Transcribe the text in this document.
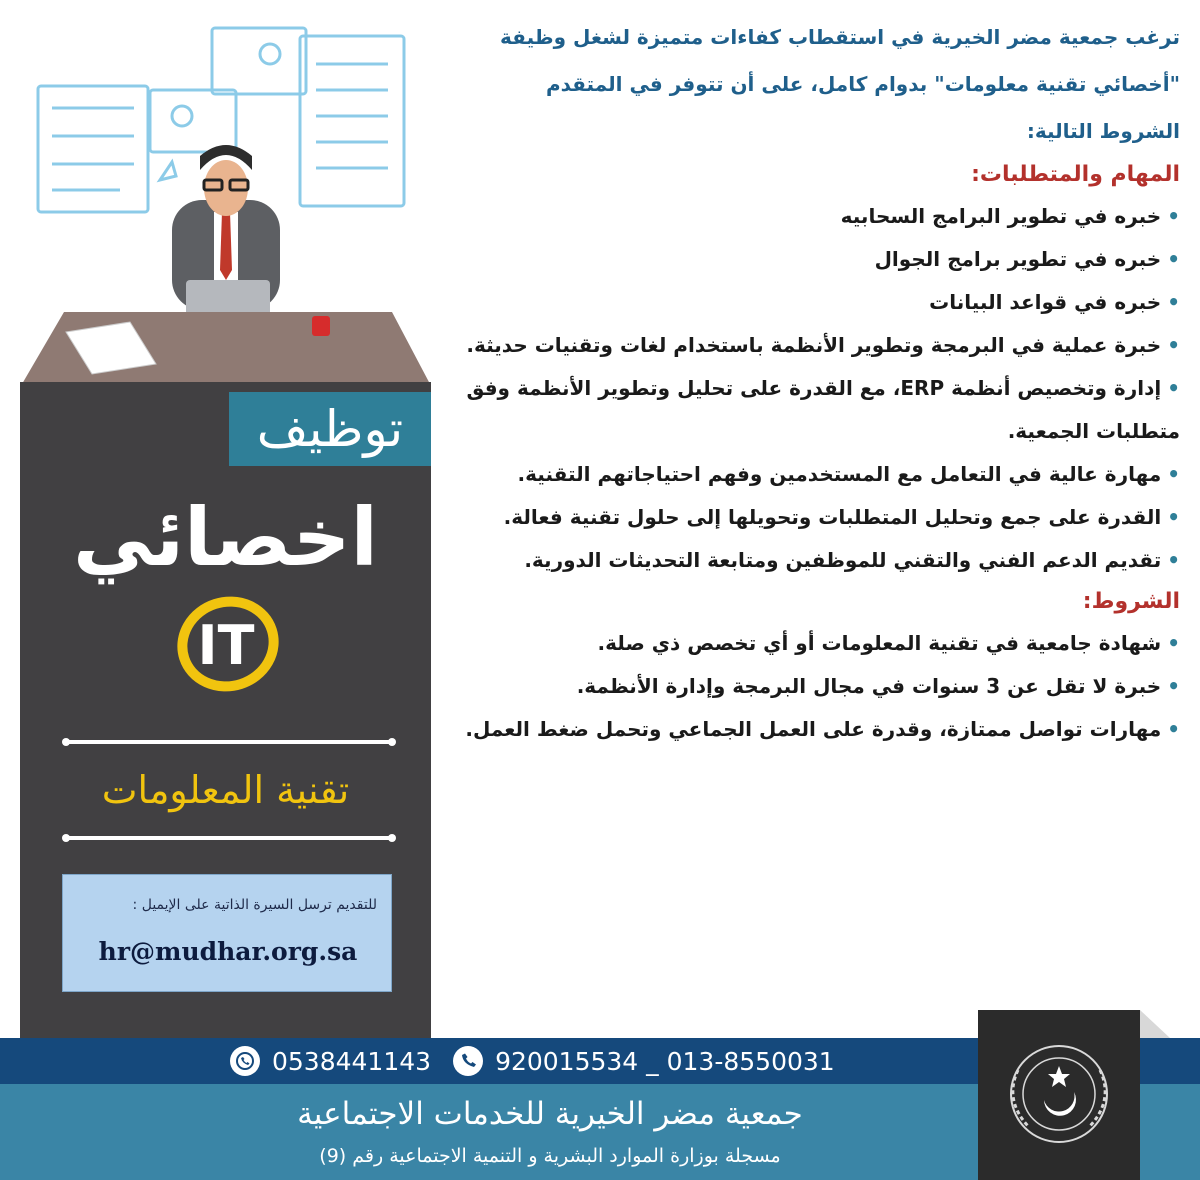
توظيف
اخصائي
IT
تقنية المعلومات
للتقديم ترسل السيرة الذاتية على الإيميل :
hr@mudhar.org.sa

ترغب جمعية مضر الخيرية في استقطاب كفاءات متميزة لشغل وظيفة "أخصائي تقنية معلومات" بدوام كامل، على أن تتوفر في المتقدم الشروط التالية:

المهام والمتطلبات:
•خبره في تطوير البرامج السحابيه
•خبره في تطوير برامج الجوال
•خبره في قواعد البيانات
•خبرة عملية في البرمجة وتطوير الأنظمة باستخدام لغات وتقنيات حديثة.
•إدارة وتخصيص أنظمة ERP، مع القدرة على تحليل وتطوير الأنظمة وفق متطلبات الجمعية.
•مهارة عالية في التعامل مع المستخدمين وفهم احتياجاتهم التقنية.
•القدرة على جمع وتحليل المتطلبات وتحويلها إلى حلول تقنية فعالة.
•تقديم الدعم الفني والتقني للموظفين ومتابعة التحديثات الدورية.
الشروط:
•شهادة جامعية في تقنية المعلومات أو أي تخصص ذي صلة.
•خبرة لا تقل عن 3 سنوات في مجال البرمجة وإدارة الأنظمة.
•مهارات تواصل ممتازة، وقدرة على العمل الجماعي وتحمل ضغط العمل.
0538441143	920015534 _ 013-8550031
جمعية مضر الخيرية للخدمات الاجتماعية
مسجلة بوزارة الموارد البشرية و التنمية الاجتماعية رقم (9)
